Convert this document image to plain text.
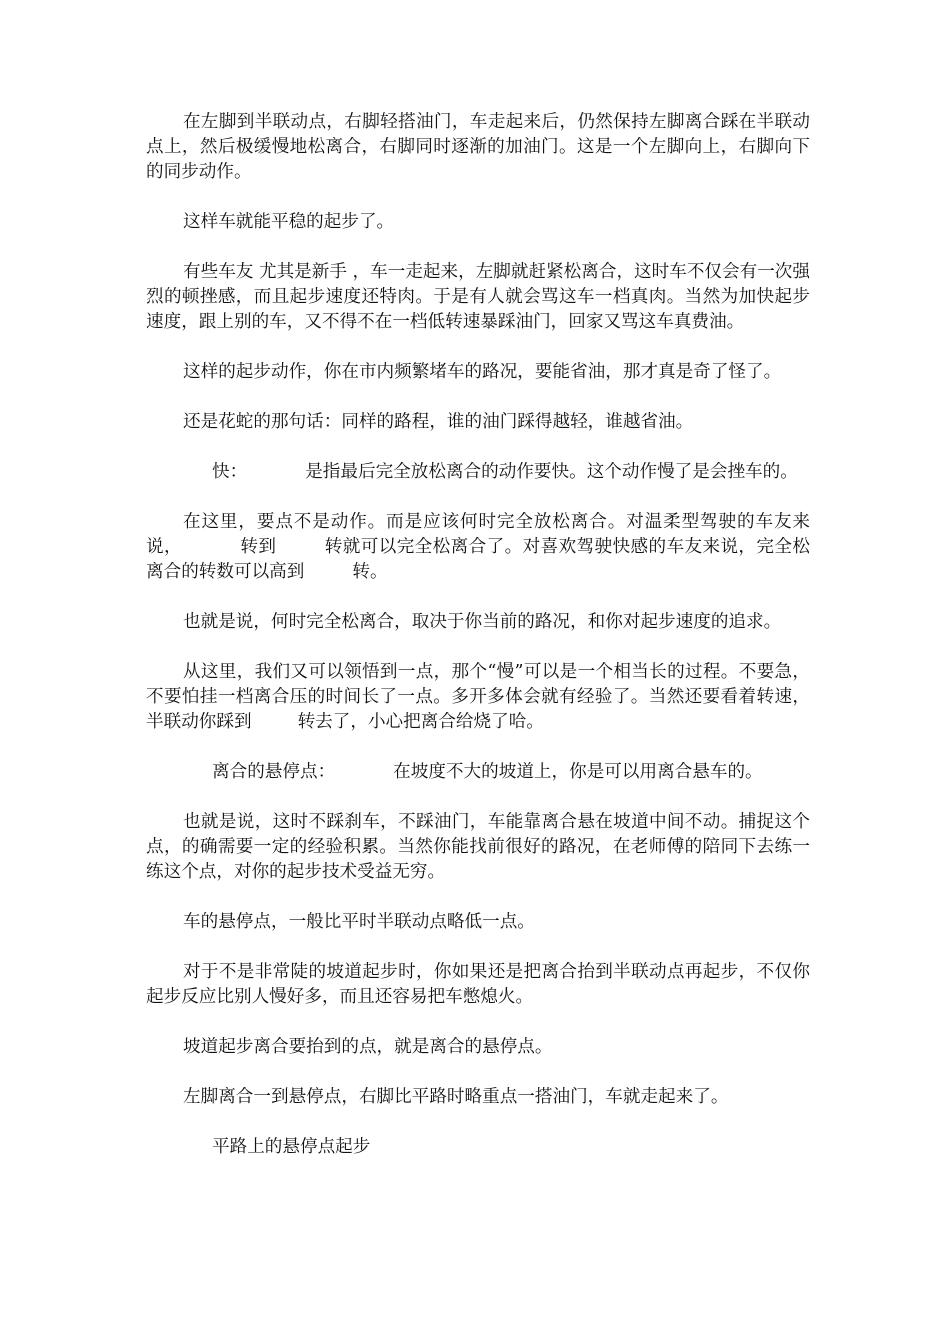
在左脚到半联动点，右脚轻搭油门，车走起来后，仍然保持左脚离合踩在半联动点上，然后极缓慢地松离合，右脚同时逐渐的加油门。这是一个左脚向上，右脚向下的同步动作。

这样车就能平稳的起步了。

有些车友 尤其是新手 ，车一走起来，左脚就赶紧松离合，这时车不仅会有一次强烈的顿挫感，而且起步速度还特肉。于是有人就会骂这车一档真肉。当然为加快起步速度，跟上别的车，又不得不在一档低转速暴踩油门，回家又骂这车真费油。

这样的起步动作，你在市内频繁堵车的路况，要能省油，那才真是奇了怪了。

还是花蛇的那句话：同样的路程，谁的油门踩得越轻，谁越省油。

快：	是指最后完全放松离合的动作要快。这个动作慢了是会挫车的。

在这里，要点不是动作。而是应该何时完全放松离合。对温柔型驾驶的车友来说，	转到	转就可以完全松离合了。对喜欢驾驶快感的车友来说，完全松离合的转数可以高到	转。

也就是说，何时完全松离合，取决于你当前的路况，和你对起步速度的追求。

从这里，我们又可以领悟到一点，那个“慢”可以是一个相当长的过程。不要急，不要怕挂一档离合压的时间长了一点。多开多体会就有经验了。当然还要看着转速，半联动你踩到	转去了，小心把离合给烧了哈。

离合的悬停点：	在坡度不大的坡道上，你是可以用离合悬车的。

也就是说，这时不踩刹车，不踩油门，车能靠离合悬在坡道中间不动。捕捉这个点，的确需要一定的经验积累。当然你能找前很好的路况，在老师傅的陪同下去练一练这个点，对你的起步技术受益无穷。

车的悬停点，一般比平时半联动点略低一点。

对于不是非常陡的坡道起步时，你如果还是把离合抬到半联动点再起步，不仅你起步反应比别人慢好多，而且还容易把车憋熄火。

坡道起步离合要抬到的点，就是离合的悬停点。

左脚离合一到悬停点，右脚比平路时略重点一搭油门，车就走起来了。

平路上的悬停点起步
